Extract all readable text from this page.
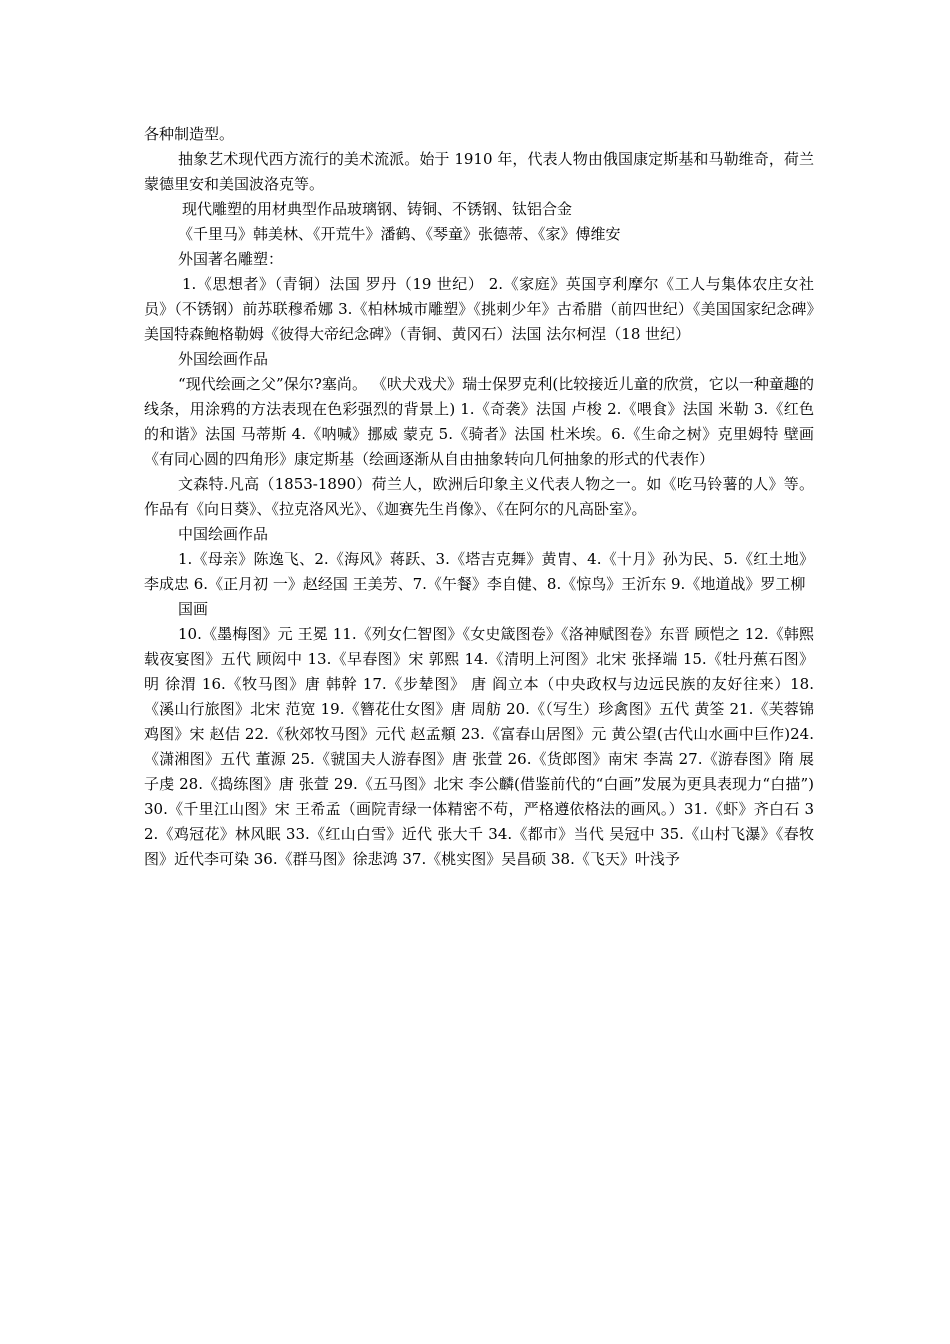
各种制造型。

抽象艺术现代西方流行的美术流派。始于 1910 年，代表人物由俄国康定斯基和马勒维奇，荷兰蒙德里安和美国波洛克等。

现代雕塑的用材典型作品玻璃钢、铸铜、不锈钢、钛铝合金

《千里马》韩美林、《开荒牛》潘鹤、《琴童》张德蒂、《家》傅维安

外国著名雕塑：

1.《思想者》（青铜）法国 罗丹（19 世纪） 2.《家庭》英国亨利摩尔《工人与集体农庄女社员》（不锈钢）前苏联穆希娜 3.《柏林城市雕塑》《挑刺少年》古希腊（前四世纪）《美国国家纪念碑》美国特森鲍格勒姆《彼得大帝纪念碑》（青铜、黄冈石）法国 法尔柯涅（18 世纪）

外国绘画作品

“现代绘画之父”保尔?塞尚。 《吠犬戏犬》瑞士保罗克利(比较接近儿童的欣赏，它以一种童趣的线条，用涂鸦的方法表现在色彩强烈的背景上) 1.《奇袭》法国 卢梭 2.《喂食》法国 米勒 3.《红色的和谐》法国 马蒂斯 4.《呐喊》挪威 蒙克 5.《骑者》法国 杜米埃。6.《生命之树》克里姆特 壁画《有同心圆的四角形》康定斯基（绘画逐渐从自由抽象转向几何抽象的形式的代表作）

文森特.凡高（1853-1890）荷兰人，欧洲后印象主义代表人物之一。如《吃马铃薯的人》等。作品有《向日葵》、《拉克洛风光》、《迦赛先生肖像》、《在阿尔的凡高卧室》。

中国绘画作品

1.《母亲》陈逸飞、2.《海风》蒋跃、3.《塔吉克舞》黄胄、4.《十月》孙为民、5.《红土地》李成忠 6.《正月初 一》赵经国 王美芳、7.《午餐》李自健、8.《惊鸟》王沂东 9.《地道战》罗工柳

国画

10.《墨梅图》元 王冕 11.《列女仁智图》《女史箴图卷》《洛神赋图卷》东晋 顾恺之 12.《韩熙载夜宴图》五代 顾闳中 13.《早春图》宋 郭熙 14.《清明上河图》北宋 张择端 15.《牡丹蕉石图》明 徐渭 16.《牧马图》唐 韩幹 17.《步辇图》 唐 阎立本（中央政权与边远民族的友好往来）18.《溪山行旅图》北宋 范宽 19.《簪花仕女图》唐 周舫 20.《（写生）珍禽图》五代 黄筌 21.《芙蓉锦鸡图》宋 赵佶 22.《秋郊牧马图》元代 赵孟頫 23.《富春山居图》元 黄公望(古代山水画中巨作)24.《潇湘图》五代 董源 25.《虢国夫人游春图》唐 张萱 26.《货郎图》南宋 李嵩 27.《游春图》隋 展子虔 28.《捣练图》唐 张萱 29.《五马图》北宋 李公麟(借鉴前代的“白画”发展为更具表现力“白描”)30.《千里江山图》宋 王希孟（画院青绿一体精密不苟，严格遵依格法的画风。）31.《虾》齐白石 32.《鸡冠花》林风眠 33.《红山白雪》近代 张大千 34.《都市》当代 吴冠中 35.《山村飞瀑》《春牧图》近代李可染 36.《群马图》徐悲鸿 37.《桃实图》吴昌硕 38.《飞天》叶浅予
